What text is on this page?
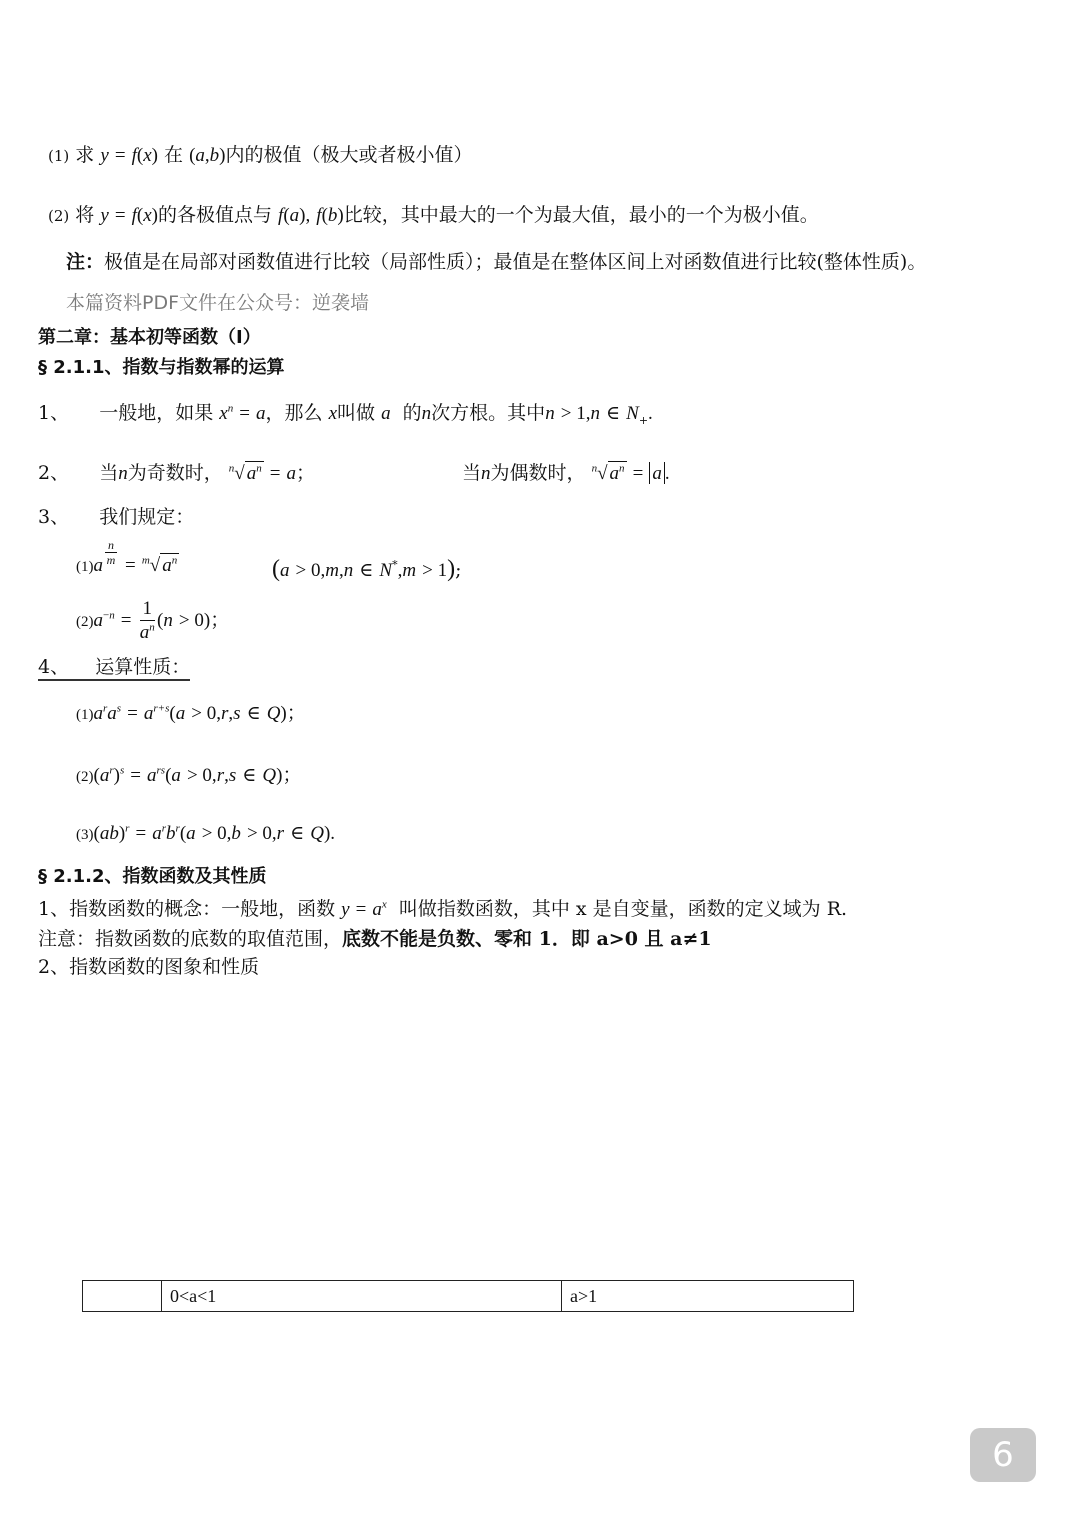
(1) 求 y = f(x) 在 (a,b)内的极值（极大或者极小值）
(2) 将 y = f(x)的各极值点与 f(a), f(b)比较，其中最大的一个为最大值，最小的一个为极小值。
注：极值是在局部对函数值进行比较（局部性质）；最值是在整体区间上对函数值进行比较(整体性质)。
本篇资料PDF文件在公众号：逆袭墙
第二章：基本初等函数（Ⅰ）
§ 2.1.1、指数与指数幂的运算
1、 一般地，如果 $x^n = a$，那么 x叫做 a 的n次方根。其中n > 1,n ∈ $N_+$.
2、 当n为奇数时， $^n$√ $a^n = a$；	当n为偶数时， $^n$√ $a^n = a$ .
3、 我们规定：
$(1)a \frac{n}{m} = ^m√$ $a^n$	(a > 0,m,n ∈ N*,m > 1);
$(2)a^{-n} = \frac{1}{a^n} (n > 0)$；
4、 运算性质：
$(1)a^ra^s = a^{r+s}(a > 0,r,s$ ∈ Q)；
$(2)(a^r)^s = a^{rs}(a > 0,r,s$ ∈ Q)；
$(3)(ab)^r = a^rb^r(a > 0,b > 0,r$ ∈ Q).
§ 2.1.2、指数函数及其性质
1、指数函数的概念：一般地，函数 $y = a^x$ 叫做指数函数，其中 x 是自变量，函数的定义域为 R.
注意：指数函数的底数的取值范围，底数不能是负数、零和 1．即 a>0 且 a≠1
2、指数函数的图象和性质
	0<a<1	a>1
6
